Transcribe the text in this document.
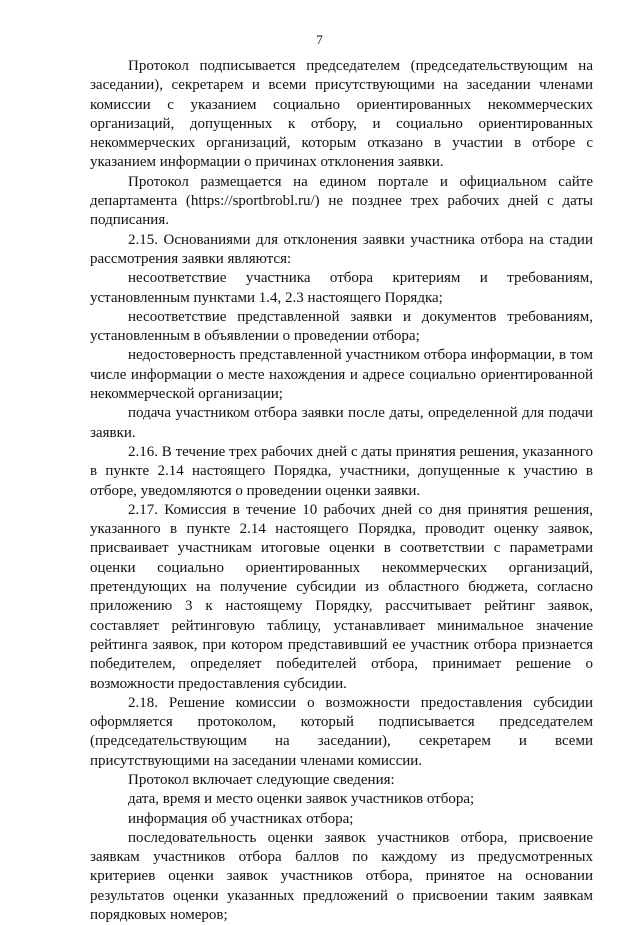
7

Протокол подписывается председателем (председательствующим на заседании), секретарем и всеми присутствующими на заседании членами комиссии с указанием социально ориентированных некоммерческих организаций, допущенных к отбору, и социально ориентированных некоммерческих организаций, которым отказано в участии в отборе с указанием информации о причинах отклонения заявки.

Протокол размещается на едином портале и официальном сайте департамента (https://sportbrobl.ru/) не позднее трех рабочих дней с даты подписания.

2.15. Основаниями для отклонения заявки участника отбора на стадии рассмотрения заявки являются:

несоответствие участника отбора критериям и требованиям, установленным пунктами 1.4, 2.3 настоящего Порядка;

несоответствие представленной заявки и документов требованиям, установленным в объявлении о проведении отбора;

недостоверность представленной участником отбора информации, в том числе информации о месте нахождения и адресе социально ориентированной некоммерческой организации;

подача участником отбора заявки после даты, определенной для подачи заявки.

2.16. В течение трех рабочих дней с даты принятия решения, указанного в пункте 2.14 настоящего Порядка, участники, допущенные к участию в отборе, уведомляются о проведении оценки заявки.

2.17. Комиссия в течение 10 рабочих дней со дня принятия решения, указанного в пункте 2.14 настоящего Порядка, проводит оценку заявок, присваивает участникам итоговые оценки в соответствии с параметрами оценки социально ориентированных некоммерческих организаций, претендующих на получение субсидии из областного бюджета, согласно приложению 3 к настоящему Порядку, рассчитывает рейтинг заявок, составляет рейтинговую таблицу, устанавливает минимальное значение рейтинга заявок, при котором представивший ее участник отбора признается победителем, определяет победителей отбора, принимает решение о возможности предоставления субсидии.

2.18. Решение комиссии о возможности предоставления субсидии оформляется протоколом, который подписывается председателем (председательствующим на заседании), секретарем и всеми присутствующими на заседании членами комиссии.

Протокол включает следующие сведения:

дата, время и место оценки заявок участников отбора;

информация об участниках отбора;

последовательность оценки заявок участников отбора, присвоение заявкам участников отбора баллов по каждому из предусмотренных критериев оценки заявок участников отбора, принятое на основании результатов оценки указанных предложений о присвоении таким заявкам порядковых номеров;
